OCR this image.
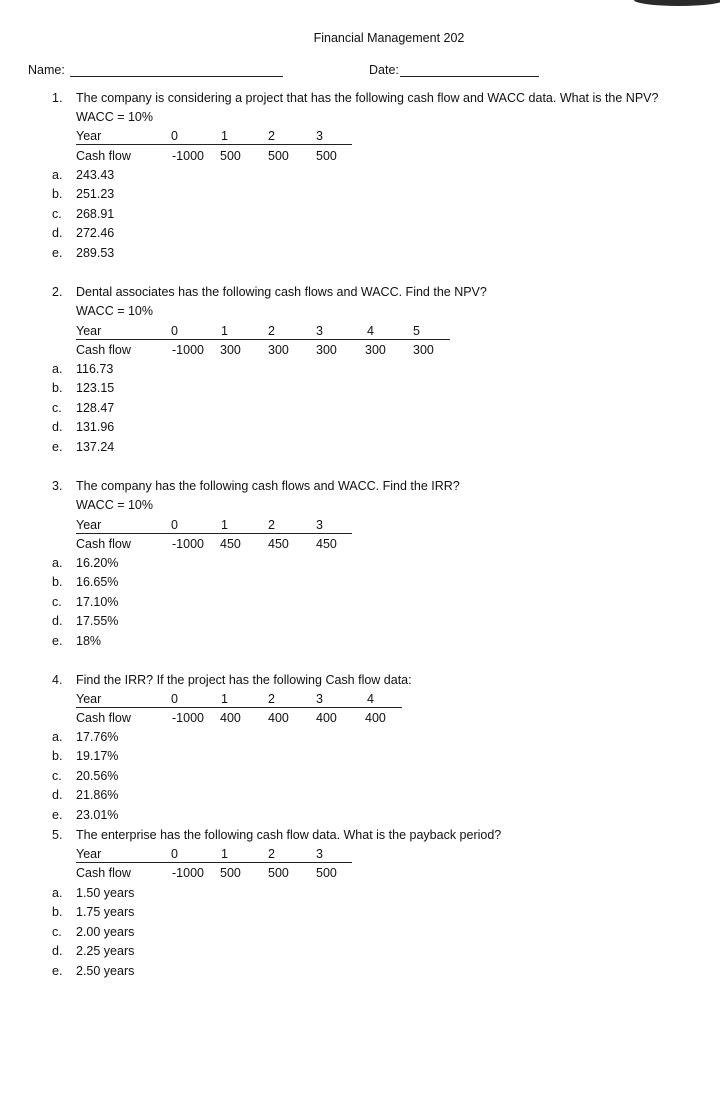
Financial Management 202
Name:	Date:
1. The company is considering a project that has the following cash flow and WACC data. What is the NPV?
WACC = 10%
Year	0	1	2	3
Cash flow	-1000 500 500 500
a. 243.43
b. 251.23
c. 268.91
d. 272.46
e. 289.53
2. Dental associates has the following cash flows and WACC. Find the NPV?
WACC = 10%
Year	0	1	2	3	4	5
Cash flow	-1000 300 300 300 300 300
a. 116.73
b. 123.15
c. 128.47
d. 131.96
e. 137.24
3. The company has the following cash flows and WACC. Find the IRR?
WACC = 10%
Year	0	1	2	3
Cash flow	-1000 450 450 450
a. 16.20%
b. 16.65%
c. 17.10%
d. 17.55%
e. 18%
4. Find the IRR? If the project has the following Cash flow data:
Year	0	1	2	3	4
Cash flow	-1000 400 400 400 400
a. 17.76%
b. 19.17%
c. 20.56%
d. 21.86%
e. 23.01%
5. The enterprise has the following cash flow data. What is the payback period?
Year	0	1	2	3
Cash flow	-1000 500 500 500
a. 1.50 years
b. 1.75 years
c. 2.00 years
d. 2.25 years
e. 2.50 years
